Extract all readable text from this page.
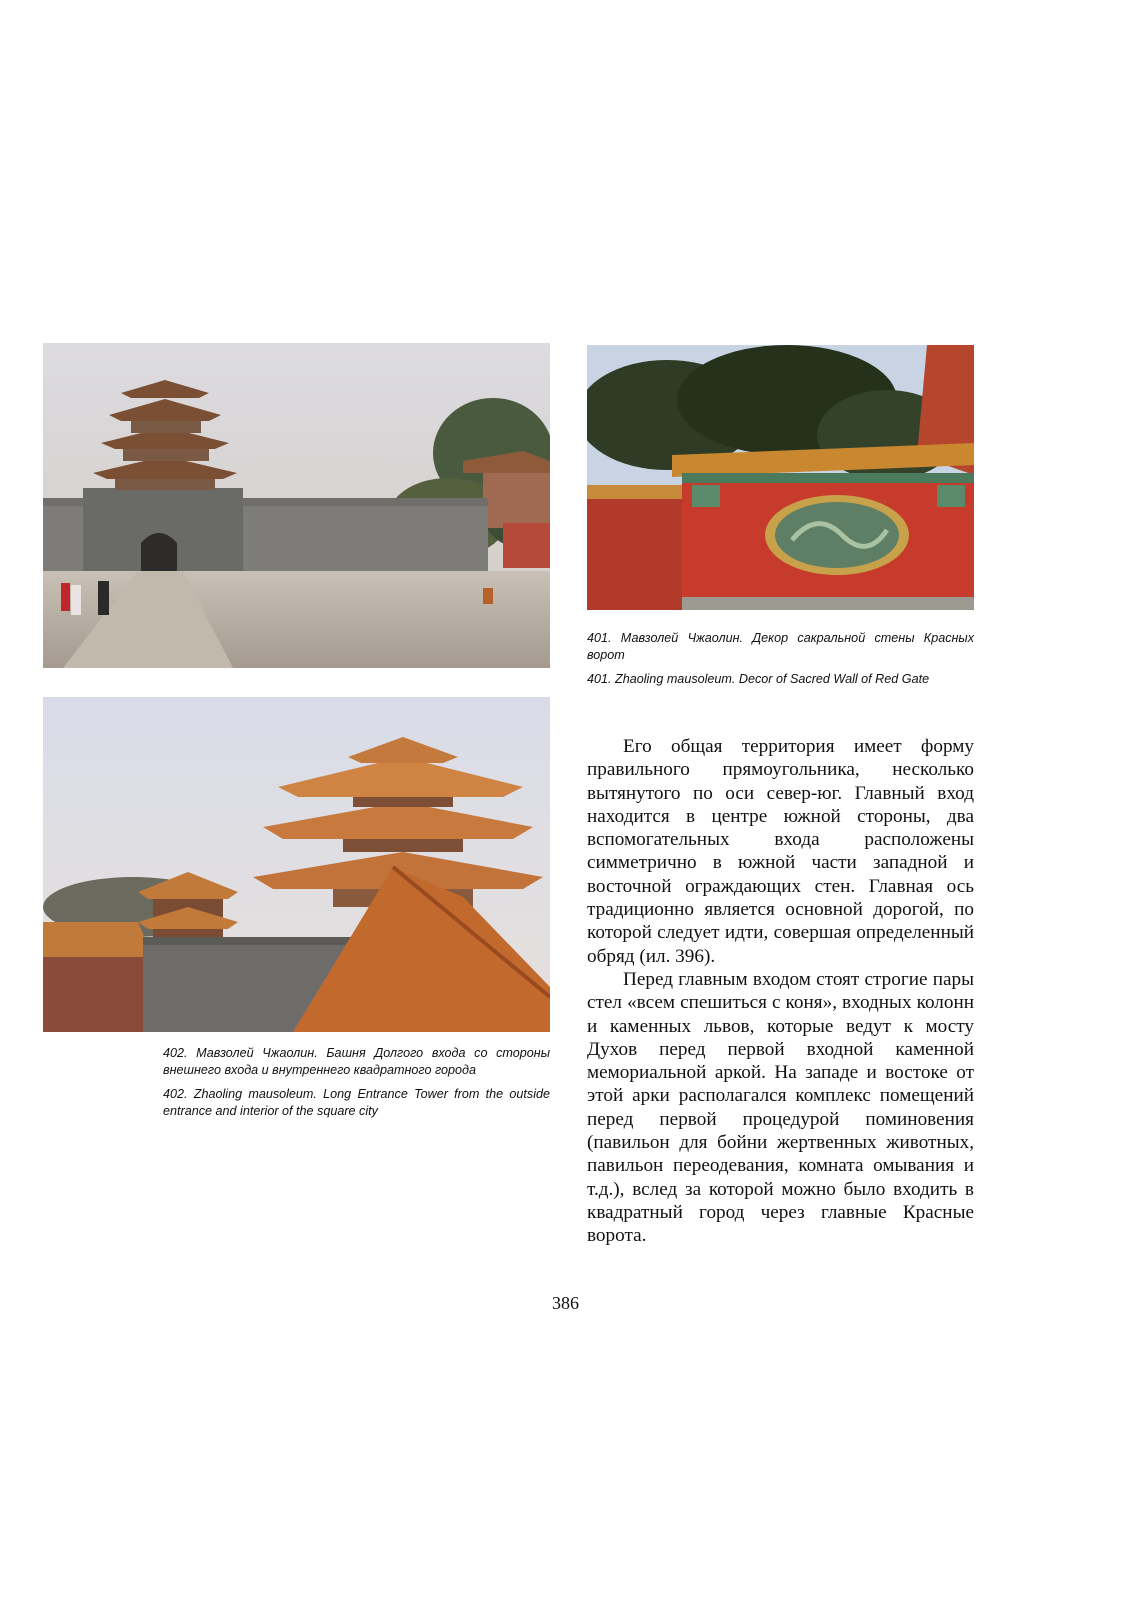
401. Мавзолей Чжаолин. Декор сакральной стены Красных ворот

401. Zhaoling mausoleum. Decor of Sacred Wall of Red Gate

402. Мавзолей Чжаолин. Башня Долгого входа со стороны внешнего входа и внутреннего квадратного города

402. Zhaoling mausoleum. Long Entrance Tower from the outside entrance and interior of the square city

Его общая территория имеет форму правильного прямоугольника, несколько вытянутого по оси север-юг. Главный вход находится в центре южной стороны, два вспомогательных входа расположены симметрично в южной части западной и восточной ограждающих стен. Главная ось традиционно является основной дорогой, по которой следует идти, совершая определенный обряд (ил. 396).

Перед главным входом стоят строгие пары стел «всем спешиться с коня», входных колонн и каменных львов, которые ведут к мосту Духов перед первой входной каменной мемориальной аркой. На западе и востоке от этой арки располагался комплекс помещений перед первой процедурой поминовения (павильон для бойни жертвенных животных, павильон переодевания, комната омывания и т.д.), вслед за которой можно было входить в квадратный город через главные Красные ворота.

386
